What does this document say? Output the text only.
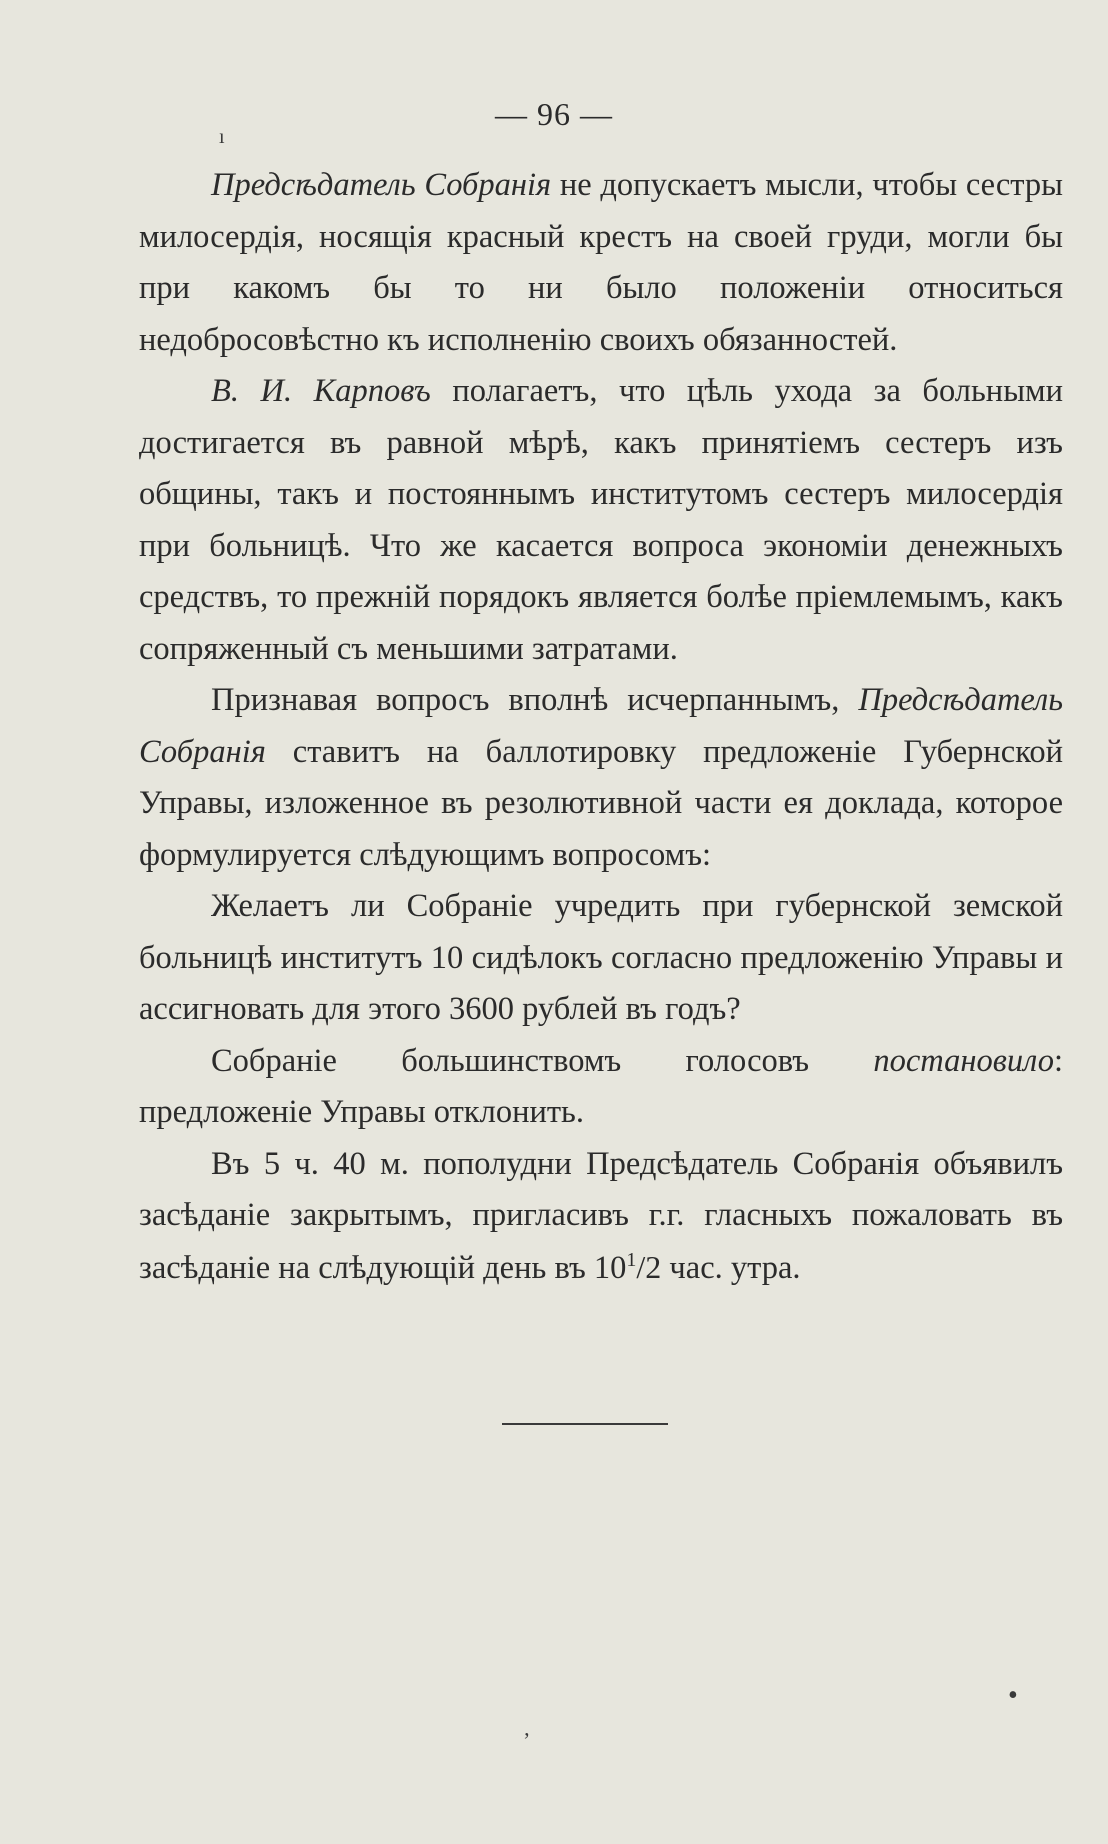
— 96 —

Предсѣдатель Собранія не допускаетъ мысли, чтобы сестры милосердія, носящія красный крестъ на своей груди, могли бы при какомъ бы то ни было положеніи относиться недобросовѣстно къ исполненію своихъ обязанностей.

В. И. Карповъ полагаетъ, что цѣль ухода за больными достигается въ равной мѣрѣ, какъ принятіемъ сестеръ изъ общины, такъ и постояннымъ институтомъ сестеръ милосердія при больницѣ. Что же касается вопроса экономіи денежныхъ средствъ, то прежній порядокъ является болѣе пріемлемымъ, какъ сопряженный съ меньшими затратами.

Признавая вопросъ вполнѣ исчерпаннымъ, Предсѣдатель Собранія ставитъ на баллотировку предложеніе Губернской Управы, изложенное въ резолютивной части ея доклада, которое формулируется слѣдующимъ вопросомъ:

Желаетъ ли Собраніе учредить при губернской земской больницѣ институтъ 10 сидѣлокъ согласно предложенію Управы и ассигновать для этого 3600 рублей въ годъ?

Собраніе большинствомъ голосовъ постановило: предложеніе Управы отклонить.

Въ 5 ч. 40 м. пополудни Предсѣдатель Собранія объявилъ засѣданіе закрытымъ, пригласивъ г.г. гласныхъ пожаловать въ засѣданіе на слѣдующій день въ $10^1/2$ час. утра.

ʼ
•
ı
